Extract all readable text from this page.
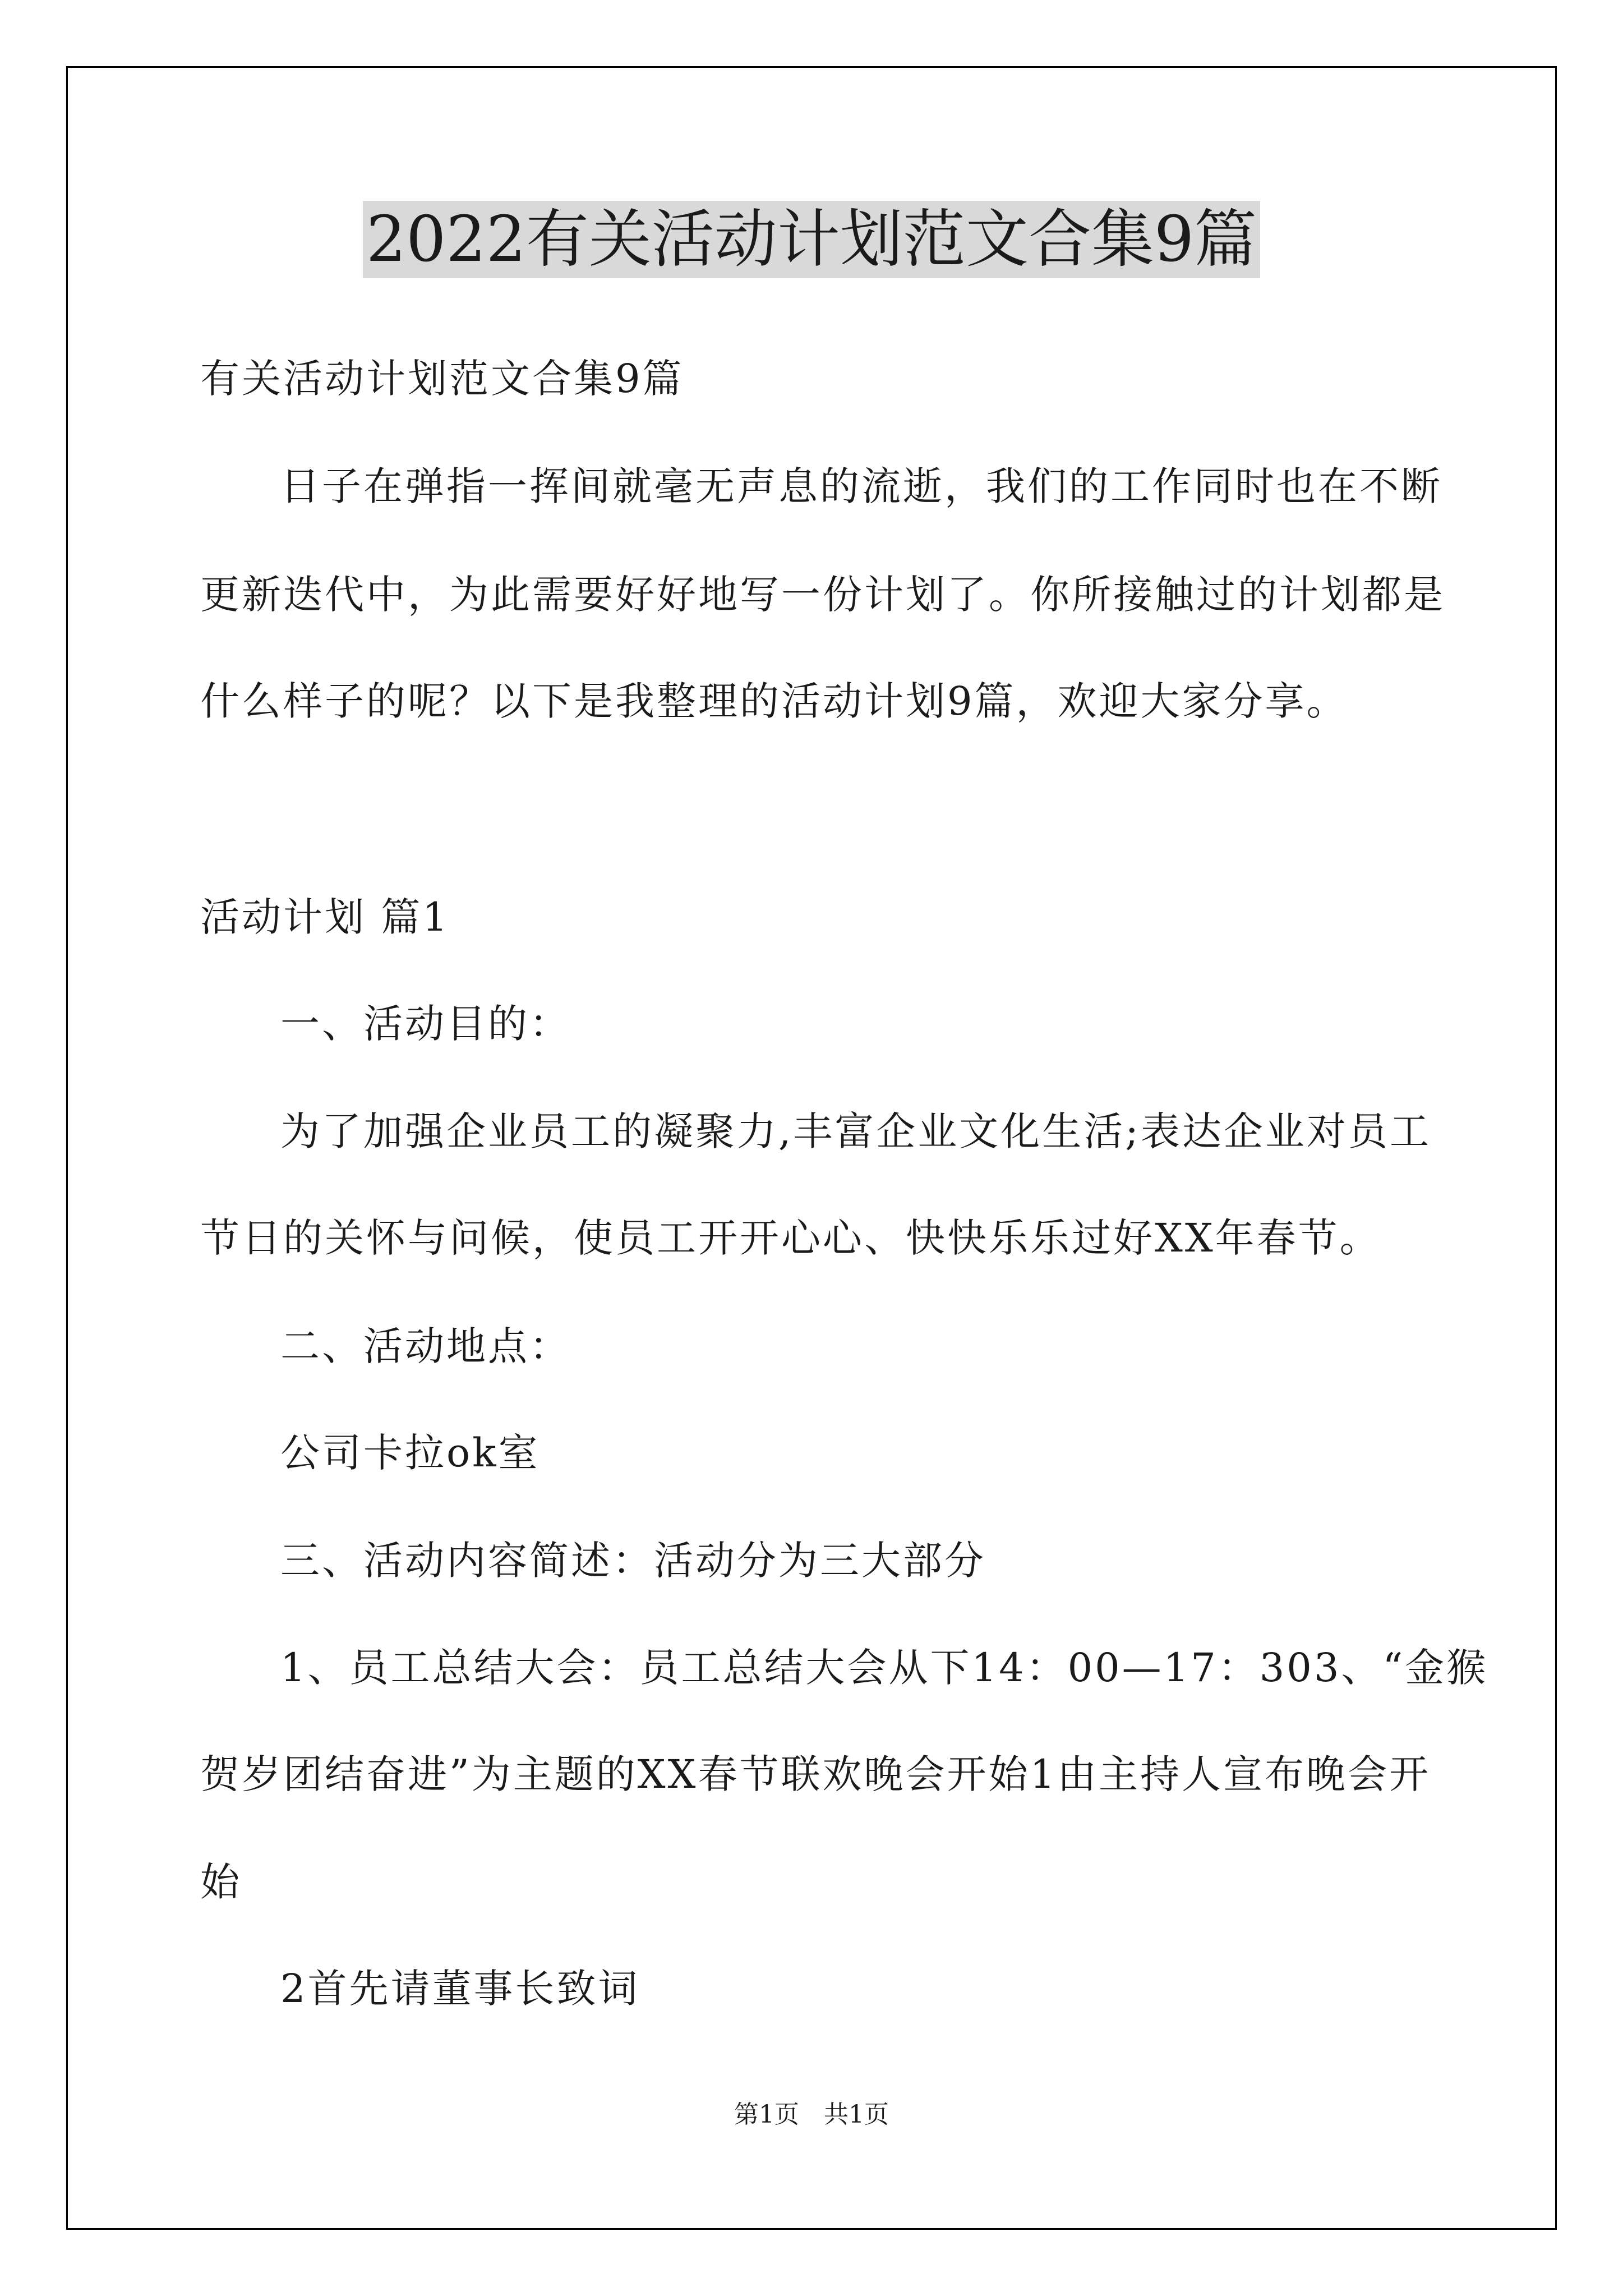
2022有关活动计划范文合集9篇
有关活动计划范文合集9篇
日子在弹指一挥间就毫无声息的流逝，我们的工作同时也在不断
更新迭代中，为此需要好好地写一份计划了。你所接触过的计划都是
什么样子的呢？以下是我整理的活动计划9篇，欢迎大家分享。
活动计划 篇1
一、活动目的：
为了加强企业员工的凝聚力,丰富企业文化生活;表达企业对员工
节日的关怀与问候，使员工开开心心、快快乐乐过好XX年春节。
二、活动地点：
公司卡拉ok室
三、活动内容简述：活动分为三大部分
1、员工总结大会：员工总结大会从下14：00—17：303、“金猴
贺岁团结奋进”为主题的XX春节联欢晚会开始1由主持人宣布晚会开
始
2首先请董事长致词
第1页　共1页
